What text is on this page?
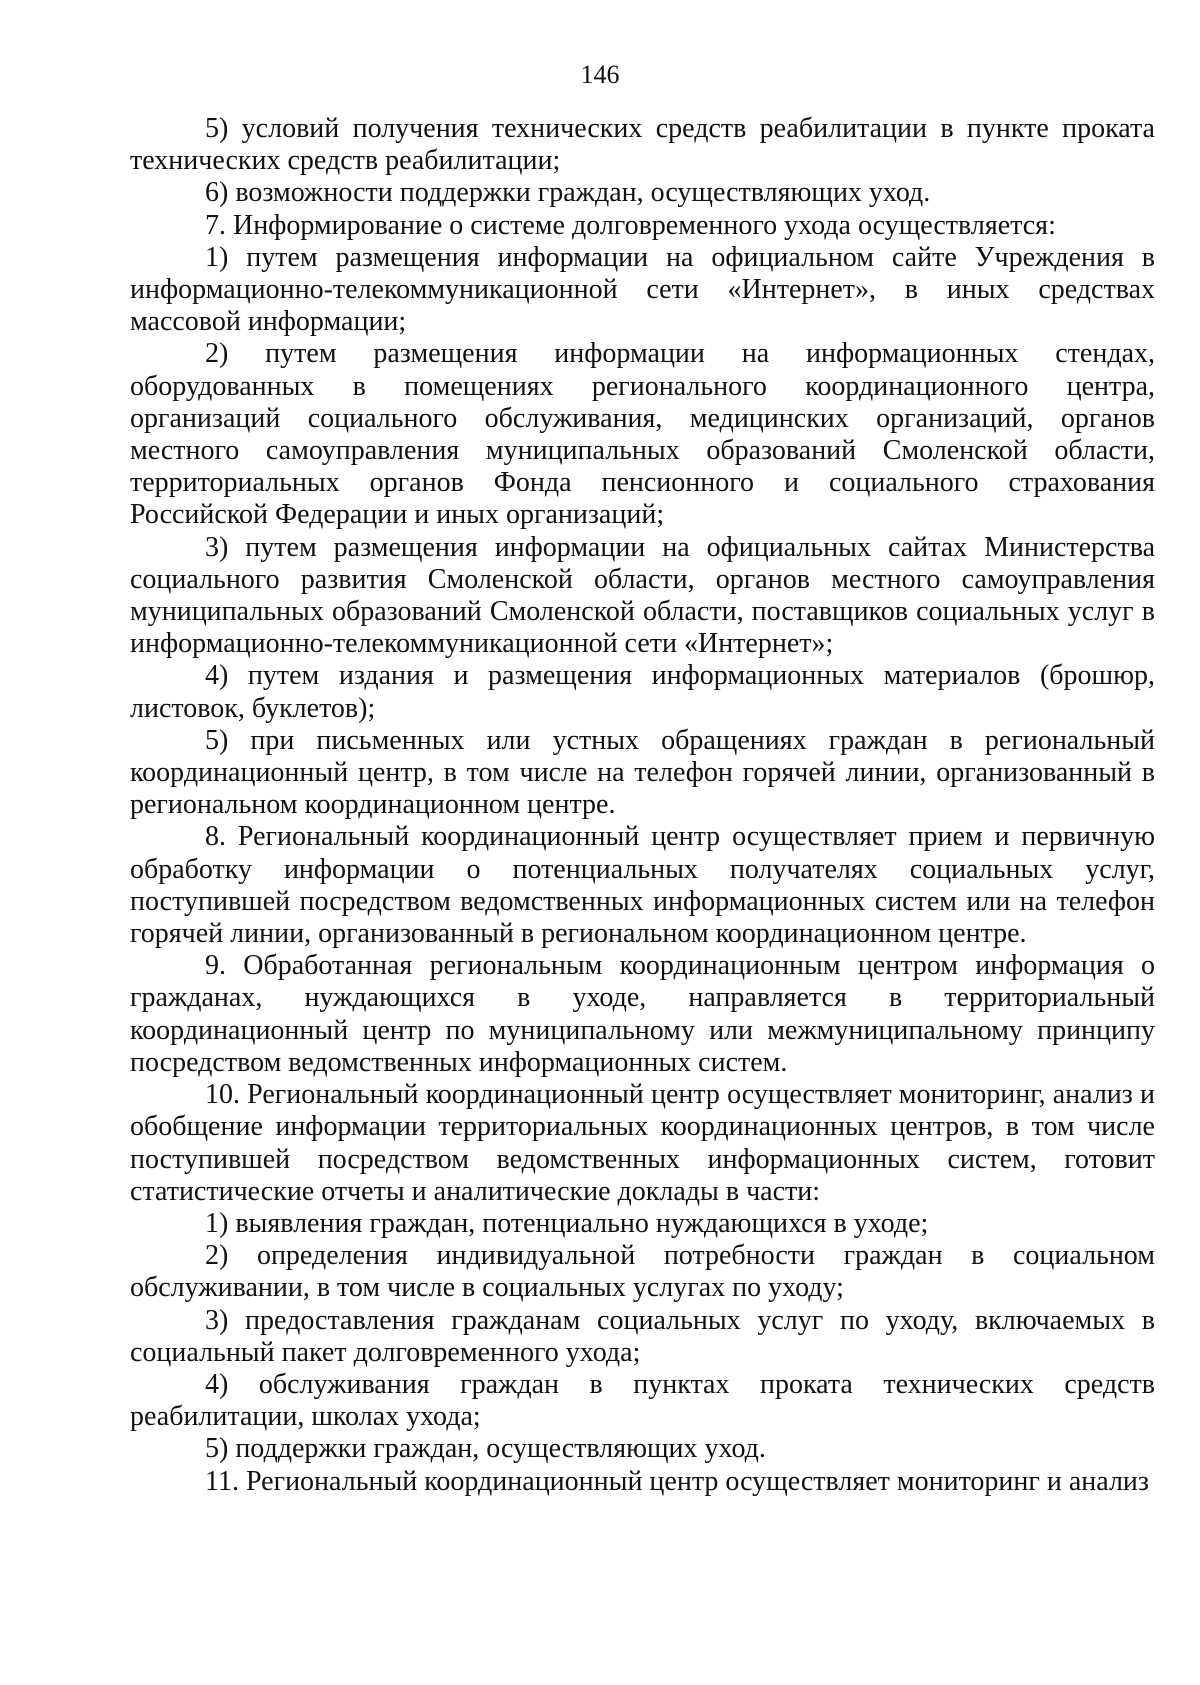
146

5) условий получения технических средств реабилитации в пункте проката технических средств реабилитации;

6) возможности поддержки граждан, осуществляющих уход.

7. Информирование о системе долговременного ухода осуществляется:

1) путем размещения информации на официальном сайте Учреждения в информационно-телекоммуникационной сети «Интернет», в иных средствах массовой информации;

2) путем размещения информации на информационных стендах, оборудованных в помещениях регионального координационного центра, организаций социального обслуживания, медицинских организаций, органов местного самоуправления муниципальных образований Смоленской области, территориальных органов Фонда пенсионного и социального страхования Российской Федерации и иных организаций;

3) путем размещения информации на официальных сайтах Министерства социального развития Смоленской области, органов местного самоуправления муниципальных образований Смоленской области, поставщиков социальных услуг в информационно-телекоммуникационной сети «Интернет»;

4) путем издания и размещения информационных материалов (брошюр, листовок, буклетов);

5) при письменных или устных обращениях граждан в региональный координационный центр, в том числе на телефон горячей линии, организованный в региональном координационном центре.

8. Региональный координационный центр осуществляет прием и первичную обработку информации о потенциальных получателях социальных услуг, поступившей посредством ведомственных информационных систем или на телефон горячей линии, организованный в региональном координационном центре.

9. Обработанная региональным координационным центром информация о гражданах, нуждающихся в уходе, направляется в территориальный координационный центр по муниципальному или межмуниципальному принципу посредством ведомственных информационных систем.

10. Региональный координационный центр осуществляет мониторинг, анализ и обобщение информации территориальных координационных центров, в том числе поступившей посредством ведомственных информационных систем, готовит статистические отчеты и аналитические доклады в части:

1) выявления граждан, потенциально нуждающихся в уходе;

2) определения индивидуальной потребности граждан в социальном обслуживании, в том числе в социальных услугах по уходу;

3) предоставления гражданам социальных услуг по уходу, включаемых в социальный пакет долговременного ухода;

4) обслуживания граждан в пунктах проката технических средств реабилитации, школах ухода;

5) поддержки граждан, осуществляющих уход.

11. Региональный координационный центр осуществляет мониторинг и анализ
